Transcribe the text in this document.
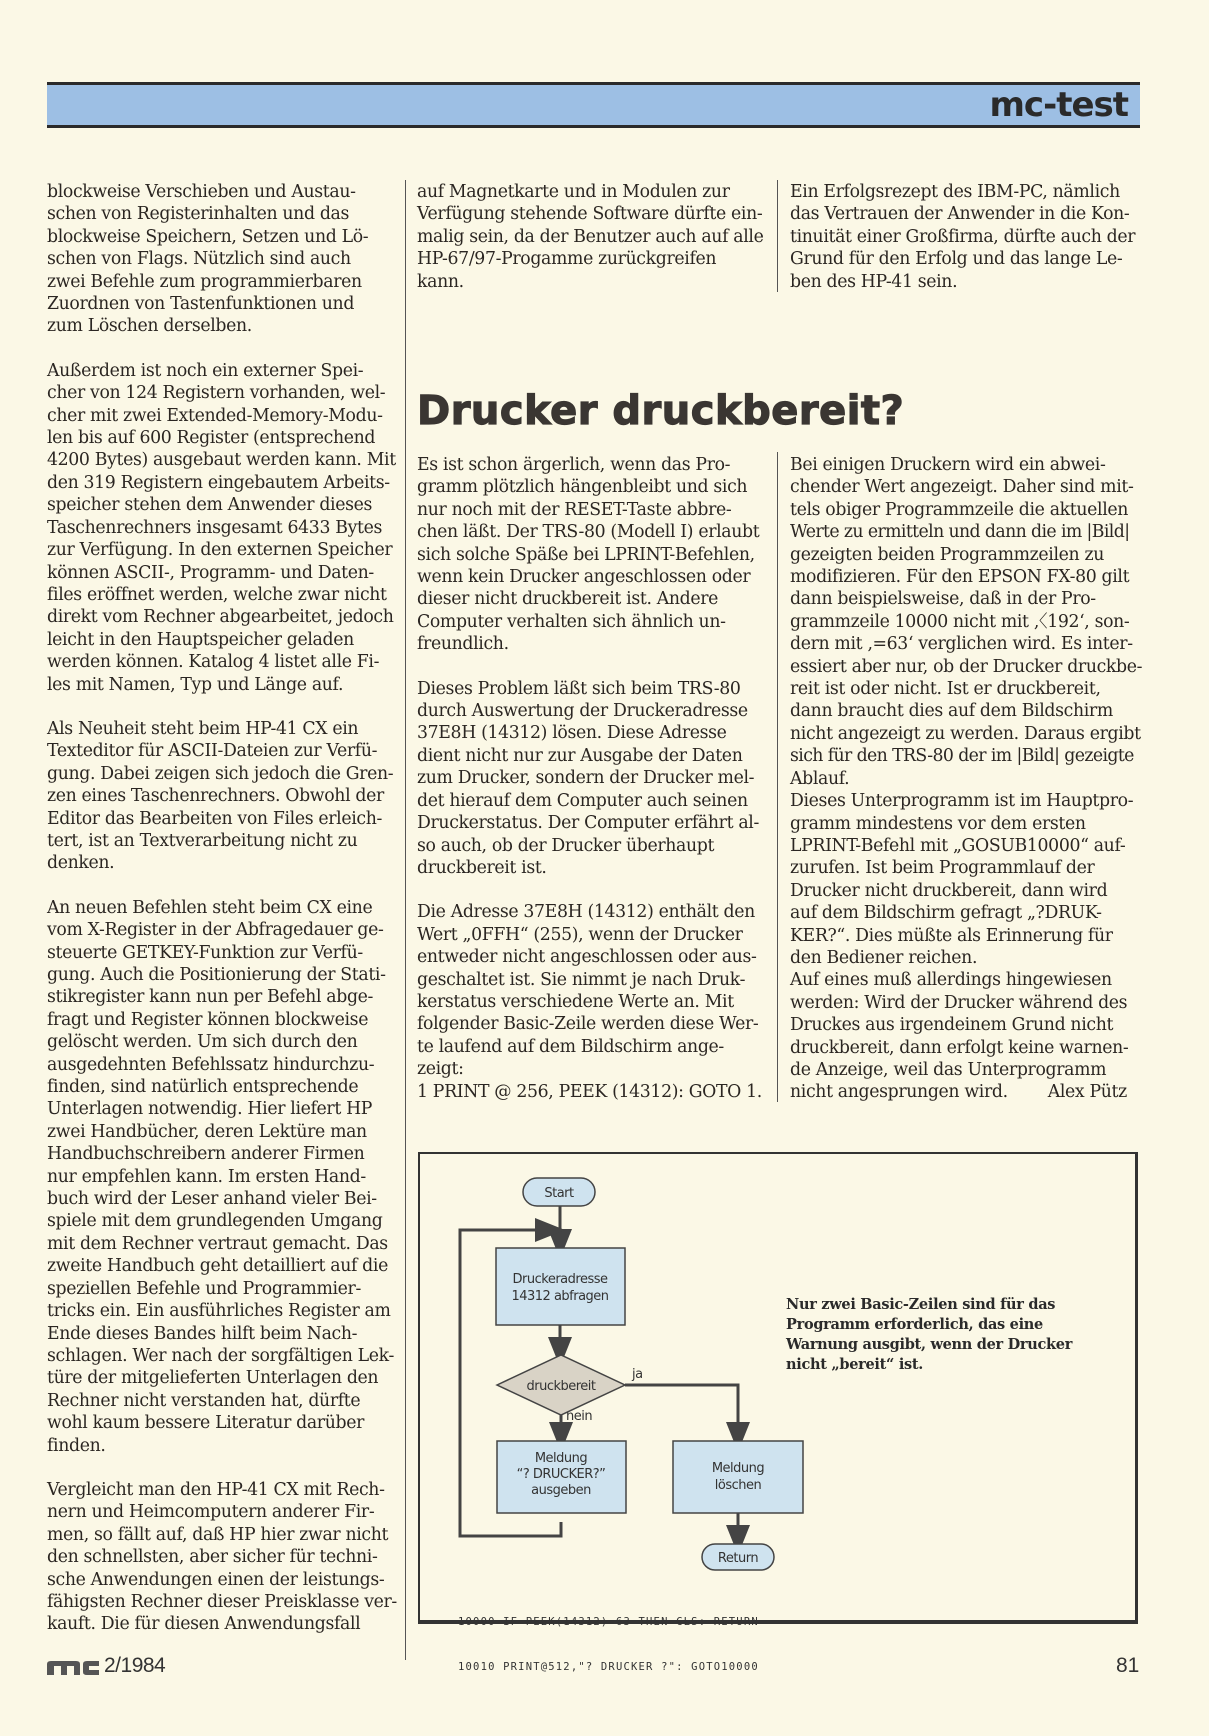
mc-test

blockweise Verschieben und Austau-
schen von Registerinhalten und das
blockweise Speichern, Setzen und Lö-
schen von Flags. Nützlich sind auch
zwei Befehle zum programmierbaren
Zuordnen von Tastenfunktionen und
zum Löschen derselben.

Außerdem ist noch ein externer Spei-
cher von 124 Registern vorhanden, wel-
cher mit zwei Extended-Memory-Modu-
len bis auf 600 Register (entsprechend
4200 Bytes) ausgebaut werden kann. Mit
den 319 Registern eingebautem Arbeits-
speicher stehen dem Anwender dieses
Taschenrechners insgesamt 6433 Bytes
zur Verfügung. In den externen Speicher
können ASCII-, Programm- und Daten-
files eröffnet werden, welche zwar nicht
direkt vom Rechner abgearbeitet, jedoch
leicht in den Hauptspeicher geladen
werden können. Katalog 4 listet alle Fi-
les mit Namen, Typ und Länge auf.

Als Neuheit steht beim HP-41 CX ein
Texteditor für ASCII-Dateien zur Verfü-
gung. Dabei zeigen sich jedoch die Gren-
zen eines Taschenrechners. Obwohl der
Editor das Bearbeiten von Files erleich-
tert, ist an Textverarbeitung nicht zu
denken.

An neuen Befehlen steht beim CX eine
vom X-Register in der Abfragedauer ge-
steuerte GETKEY-Funktion zur Verfü-
gung. Auch die Positionierung der Stati-
stikregister kann nun per Befehl abge-
fragt und Register können blockweise
gelöscht werden. Um sich durch den
ausgedehnten Befehlssatz hindurchzu-
finden, sind natürlich entsprechende
Unterlagen notwendig. Hier liefert HP
zwei Handbücher, deren Lektüre man
Handbuchschreibern anderer Firmen
nur empfehlen kann. Im ersten Hand-
buch wird der Leser anhand vieler Bei-
spiele mit dem grundlegenden Umgang
mit dem Rechner vertraut gemacht. Das
zweite Handbuch geht detailliert auf die
speziellen Befehle und Programmier-
tricks ein. Ein ausführliches Register am
Ende dieses Bandes hilft beim Nach-
schlagen. Wer nach der sorgfältigen Lek-
türe der mitgelieferten Unterlagen den
Rechner nicht verstanden hat, dürfte
wohl kaum bessere Literatur darüber
finden.

Vergleicht man den HP-41 CX mit Rech-
nern und Heimcomputern anderer Fir-
men, so fällt auf, daß HP hier zwar nicht
den schnellsten, aber sicher für techni-
sche Anwendungen einen der leistungs-
fähigsten Rechner dieser Preisklasse ver-
kauft. Die für diesen Anwendungsfall

auf Magnetkarte und in Modulen zur
Verfügung stehende Software dürfte ein-
malig sein, da der Benutzer auch auf alle
HP-67/97-Progamme zurückgreifen
kann.
Ein Erfolgsrezept des IBM-PC, nämlich
das Vertrauen der Anwender in die Kon-
tinuität einer Großfirma, dürfte auch der
Grund für den Erfolg und das lange Le-
ben des HP-41 sein.
Drucker druckbereit?

Es ist schon ärgerlich, wenn das Pro-
gramm plötzlich hängenbleibt und sich
nur noch mit der RESET-Taste abbre-
chen läßt. Der TRS-80 (Modell I) erlaubt
sich solche Späße bei LPRINT-Befehlen,
wenn kein Drucker angeschlossen oder
dieser nicht druckbereit ist. Andere
Computer verhalten sich ähnlich un-
freundlich.

Dieses Problem läßt sich beim TRS-80
durch Auswertung der Druckeradresse
37E8H (14312) lösen. Diese Adresse
dient nicht nur zur Ausgabe der Daten
zum Drucker, sondern der Drucker mel-
det hierauf dem Computer auch seinen
Druckerstatus. Der Computer erfährt al-
so auch, ob der Drucker überhaupt
druckbereit ist.

Die Adresse 37E8H (14312) enthält den
Wert „0FFH“ (255), wenn der Drucker
entweder nicht angeschlossen oder aus-
geschaltet ist. Sie nimmt je nach Druk-
kerstatus verschiedene Werte an. Mit
folgender Basic-Zeile werden diese Wer-
te laufend auf dem Bildschirm ange-
zeigt:
1 PRINT @ 256, PEEK (14312): GOTO 1.

Bei einigen Druckern wird ein abwei-
chender Wert angezeigt. Daher sind mit-
tels obiger Programmzeile die aktuellen
Werte zu ermitteln und dann die im |Bild|
gezeigten beiden Programmzeilen zu
modifizieren. Für den EPSON FX-80 gilt
dann beispielsweise, daß in der Pro-
grammzeile 10000 nicht mit ‚〈192‘, son-
dern mit ‚=63‘ verglichen wird. Es inter-
essiert aber nur, ob der Drucker druckbe-
reit ist oder nicht. Ist er druckbereit,
dann braucht dies auf dem Bildschirm
nicht angezeigt zu werden. Daraus ergibt
sich für den TRS-80 der im |Bild| gezeigte
Ablauf.
Dieses Unterprogramm ist im Hauptpro-
gramm mindestens vor dem ersten
LPRINT-Befehl mit „GOSUB10000“ auf-
zurufen. Ist beim Programmlauf der
Drucker nicht druckbereit, dann wird
auf dem Bildschirm gefragt „?DRUK-
KER?“. Dies müßte als Erinnerung für
den Bediener reichen.
Auf eines muß allerdings hingewiesen
werden: Wird der Drucker während des
Druckes aus irgendeinem Grund nicht
druckbereit, dann erfolgt keine warnen-
de Anzeige, weil das Unterprogramm
nicht angesprungen wird. Alex Pütz
Start
Druckeradresse
14312 abfragen
druckbereit
ja
nein
Meldung
“? DRUCKER?”
ausgeben
Meldung
löschen
Return
Nur zwei Basic-Zeilen sind für das
Programm erforderlich, das eine
Warnung ausgibt, wenn der Drucker
nicht „bereit“ ist.

10000 IF PEEK(14312)=63 THEN CLS: RETURN

10010 PRINT@512,"? DRUCKER ?": GOTO10000

2/1984	81
